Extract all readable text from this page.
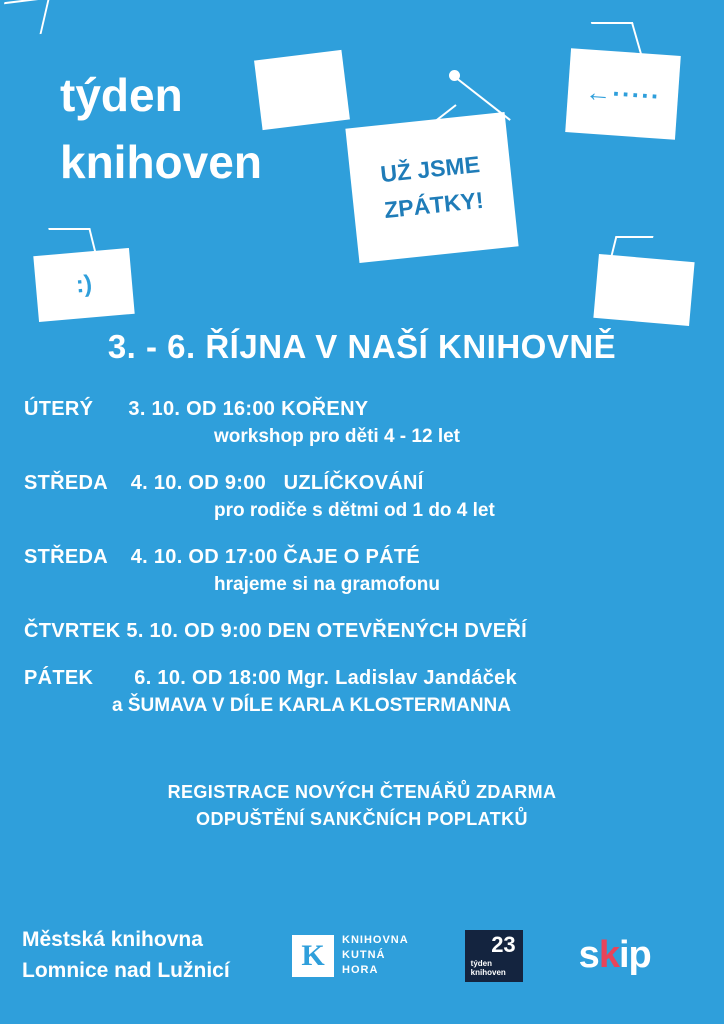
týden
knihoven	UŽ JSME
ZPÁTKY!
←·····
:)
3. - 6. ŘÍJNA V NAŠÍ KNIHOVNĚ
ÚTERÝ      3. 10. OD 16:00 KOŘENY
workshop pro děti 4 - 12 let
STŘEDA    4. 10. OD 9:00   UZLÍČKOVÁNÍ
pro rodiče s dětmi od 1 do 4 let
STŘEDA    4. 10. OD 17:00 ČAJE O PÁTÉ
hrajeme si na gramofonu
ČTVRTEK 5. 10. OD 9:00 DEN OTEVŘENÝCH DVEŘÍ
PÁTEK       6. 10. OD 18:00 Mgr. Ladislav Jandáček
a ŠUMAVA V DÍLE KARLA KLOSTERMANNA
REGISTRACE NOVÝCH ČTENÁŘŮ ZDARMA
ODPUŠTĚNÍ SANKČNÍCH POPLATKŮ
Městská knihovna
Lomnice nad Lužnicí	K	KNIHOVNA
KUTNÁ
HORA
23
týden
knihoven	skip
